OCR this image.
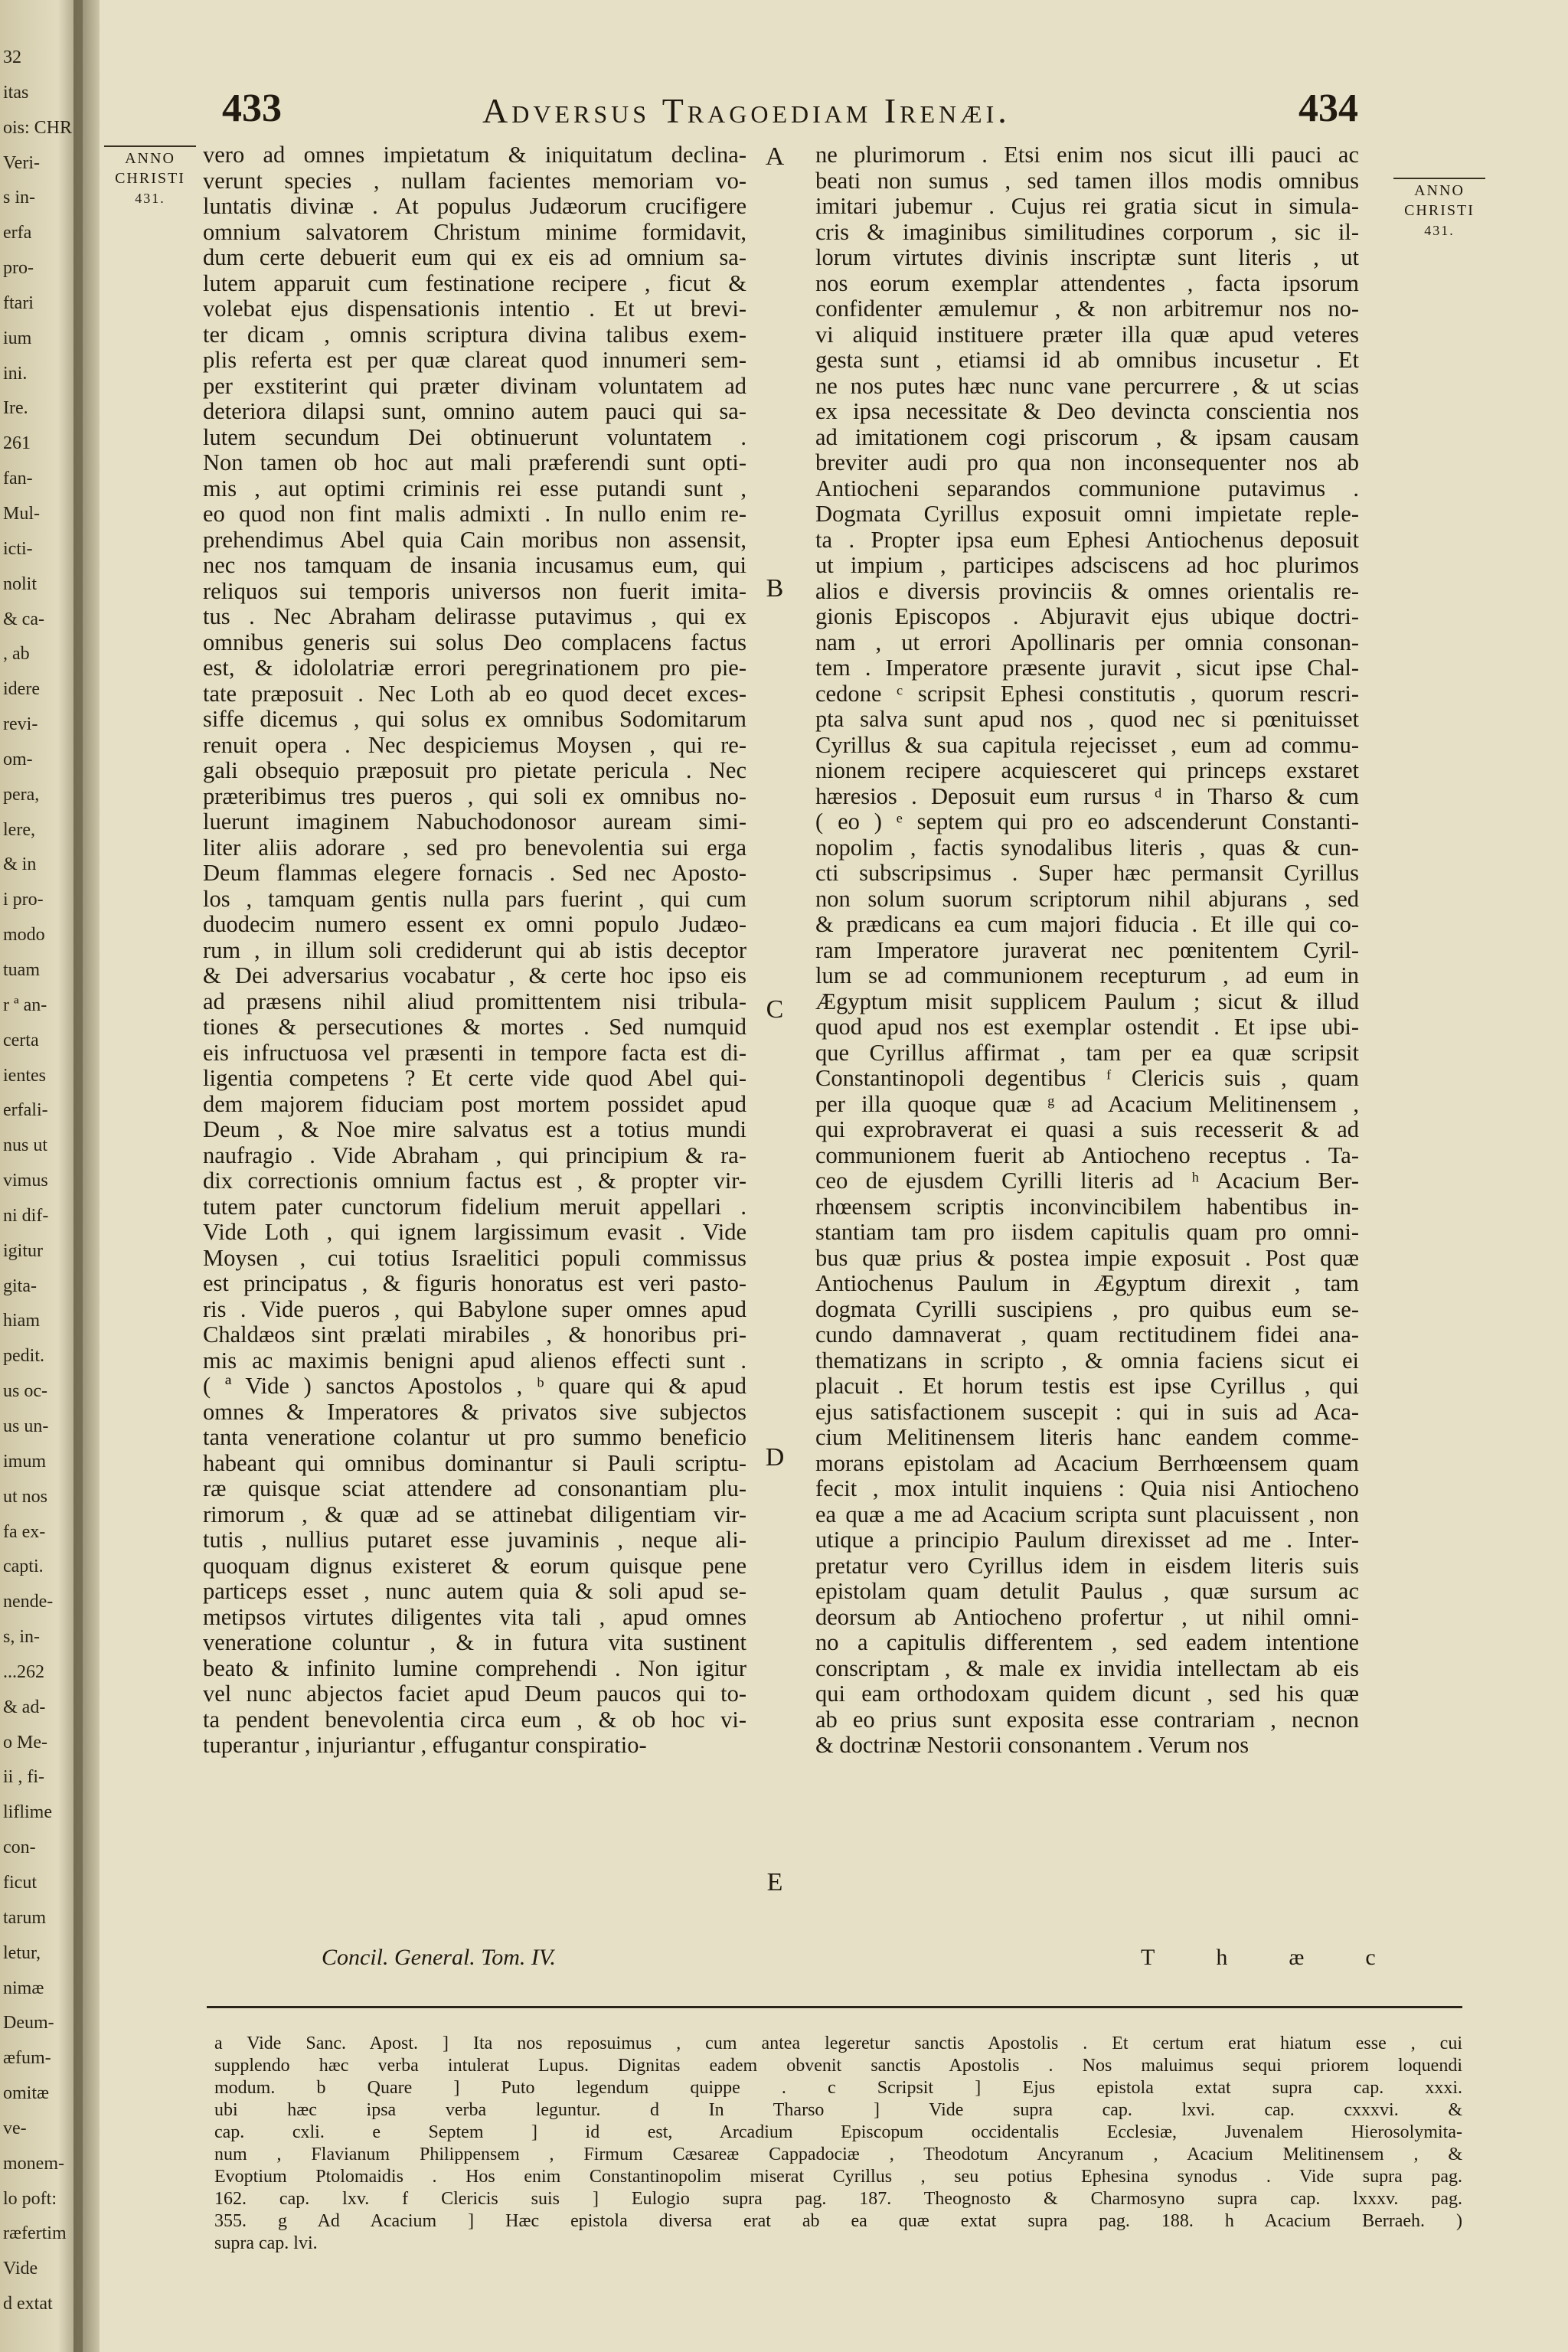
32
itas
ois: CHR
Veri-
s in-
erfa
pro-
ftari
ium
ini.
Ire.
261
fan-
Mul-
icti-
nolit
& ca-
, ab
idere
revi-
om-
pera,
lere,
& in
i pro-
modo
tuam
r ª an-
certa
ientes
erfali-
nus ut
vimus
ni dif-
igitur
gita-
hiam
pedit.
us oc-
us un-
imum
ut nos
fa ex-
capti.
nende-
s, in-
...262
& ad-
o Me-
ii , fi-
liflime
con-
ficut
tarum
letur,
nimæ
Deum-
æfum-
omitæ
ve-
monem-
lo poft:
ræfertim
Vide
d extat
433	Adversus Tragoediam Irenæi.	434
ANNO
CHRISTI
431.	ANNO
CHRISTI
431.
vero ad omnes impietatum & iniquitatum declina-
verunt species , nullam facientes memoriam vo-
luntatis divinæ . At populus Judæorum crucifigere
omnium salvatorem Christum minime formidavit,
dum certe debuerit eum qui ex eis ad omnium sa-
lutem apparuit cum festinatione recipere , ficut &
volebat ejus dispensationis intentio . Et ut brevi-
ter dicam , omnis scriptura divina talibus exem-
plis referta est per quæ clareat quod innumeri sem-
per exstiterint qui præter divinam voluntatem ad
deteriora dilapsi sunt, omnino autem pauci qui sa-
lutem secundum Dei obtinuerunt voluntatem .
Non tamen ob hoc aut mali præferendi sunt opti-
mis , aut optimi criminis rei esse putandi sunt ,
eo quod non fint malis admixti . In nullo enim re-
prehendimus Abel quia Cain moribus non assensit,
nec nos tamquam de insania incusamus eum, qui
reliquos sui temporis universos non fuerit imita-
tus . Nec Abraham delirasse putavimus , qui ex
omnibus generis sui solus Deo complacens factus
est, & idololatriæ errori peregrinationem pro pie-
tate præposuit . Nec Loth ab eo quod decet exces-
siffe dicemus , qui solus ex omnibus Sodomitarum
renuit opera . Nec despiciemus Moysen , qui re-
gali obsequio præposuit pro pietate pericula . Nec
præteribimus tres pueros , qui soli ex omnibus no-
luerunt imaginem Nabuchodonosor auream simi-
liter aliis adorare , sed pro benevolentia sui erga
Deum flammas elegere fornacis . Sed nec Aposto-
los , tamquam gentis nulla pars fuerint , qui cum
duodecim numero essent ex omni populo Judæo-
rum , in illum soli crediderunt qui ab istis deceptor
& Dei adversarius vocabatur , & certe hoc ipso eis
ad præsens nihil aliud promittentem nisi tribula-
tiones & persecutiones & mortes . Sed numquid
eis infructuosa vel præsenti in tempore facta est di-
ligentia competens ? Et certe vide quod Abel qui-
dem majorem fiduciam post mortem possidet apud
Deum , & Noe mire salvatus est a totius mundi
naufragio . Vide Abraham , qui principium & ra-
dix correctionis omnium factus est , & propter vir-
tutem pater cunctorum fidelium meruit appellari .
Vide Loth , qui ignem largissimum evasit . Vide
Moysen , cui totius Israelitici populi commissus
est principatus , & figuris honoratus est veri pasto-
ris . Vide pueros , qui Babylone super omnes apud
Chaldæos sint prælati mirabiles , & honoribus pri-
mis ac maximis benigni apud alienos effecti sunt .
( ª Vide ) sanctos Apostolos , ᵇ quare qui & apud
omnes & Imperatores & privatos sive subjectos
tanta veneratione colantur ut pro summo beneficio
habeant qui omnibus dominantur si Pauli scriptu-
ræ quisque sciat attendere ad consonantiam plu-
rimorum , & quæ ad se attinebat diligentiam vir-
tutis , nullius putaret esse juvaminis , neque ali-
quoquam dignus existeret & eorum quisque pene
particeps esset , nunc autem quia & soli apud se-
metipsos virtutes diligentes vita tali , apud omnes
veneratione coluntur , & in futura vita sustinent
beato & infinito lumine comprehendi . Non igitur
vel nunc abjectos faciet apud Deum paucos qui to-
ta pendent benevolentia circa eum , & ob hoc vi-
tuperantur , injuriantur , effugantur conspiratio-
ne plurimorum . Etsi enim nos sicut illi pauci ac
beati non sumus , sed tamen illos modis omnibus
imitari jubemur . Cujus rei gratia sicut in simula-
cris & imaginibus similitudines corporum , sic il-
lorum virtutes divinis inscriptæ sunt literis , ut
nos eorum exemplar attendentes , facta ipsorum
confidenter æmulemur , & non arbitremur nos no-
vi aliquid instituere præter illa quæ apud veteres
gesta sunt , etiamsi id ab omnibus incusetur . Et
ne nos putes hæc nunc vane percurrere , & ut scias
ex ipsa necessitate & Deo devincta conscientia nos
ad imitationem cogi priscorum , & ipsam causam
breviter audi pro qua non inconsequenter nos ab
Antiocheni separandos communione putavimus .
Dogmata Cyrillus exposuit omni impietate reple-
ta . Propter ipsa eum Ephesi Antiochenus deposuit
ut impium , participes adsciscens ad hoc plurimos
alios e diversis provinciis & omnes orientalis re-
gionis Episcopos . Abjuravit ejus ubique doctri-
nam , ut errori Apollinaris per omnia consonan-
tem . Imperatore præsente juravit , sicut ipse Chal-
cedone ᶜ scripsit Ephesi constitutis , quorum rescri-
pta salva sunt apud nos , quod nec si pœnituisset
Cyrillus & sua capitula rejecisset , eum ad commu-
nionem recipere acquiesceret qui princeps exstaret
hæresios . Deposuit eum rursus ᵈ in Tharso & cum
( eo ) ᵉ septem qui pro eo adscenderunt Constanti-
nopolim , factis synodalibus literis , quas & cun-
cti subscripsimus . Super hæc permansit Cyrillus
non solum suorum scriptorum nihil abjurans , sed
& prædicans ea cum majori fiducia . Et ille qui co-
ram Imperatore juraverat nec pœnitentem Cyril-
lum se ad communionem recepturum , ad eum in
Ægyptum misit supplicem Paulum ; sicut & illud
quod apud nos est exemplar ostendit . Et ipse ubi-
que Cyrillus affirmat , tam per ea quæ scripsit
Constantinopoli degentibus ᶠ Clericis suis , quam
per illa quoque quæ ᵍ ad Acacium Melitinensem ,
qui exprobraverat ei quasi a suis recesserit & ad
communionem fuerit ab Antiocheno receptus . Ta-
ceo de ejusdem Cyrilli literis ad ʰ Acacium Ber-
rhœensem scriptis inconvincibilem habentibus in-
stantiam tam pro iisdem capitulis quam pro omni-
bus quæ prius & postea impie exposuit . Post quæ
Antiochenus Paulum in Ægyptum direxit , tam
dogmata Cyrilli suscipiens , pro quibus eum se-
cundo damnaverat , quam rectitudinem fidei ana-
thematizans in scripto , & omnia faciens sicut ei
placuit . Et horum testis est ipse Cyrillus , qui
ejus satisfactionem suscepit : qui in suis ad Aca-
cium Melitinensem literis hanc eandem comme-
morans epistolam ad Acacium Berrhœensem quam
fecit , mox intulit inquiens : Quia nisi Antiocheno
ea quæ a me ad Acacium scripta sunt placuissent , non
utique a principio Paulum direxisset ad me . Inter-
pretatur vero Cyrillus idem in eisdem literis suis
epistolam quam detulit Paulus , quæ sursum ac
deorsum ab Antiocheno profertur , ut nihil omni-
no a capitulis differentem , sed eadem intentione
conscriptam , & male ex invidia intellectam ab eis
qui eam orthodoxam quidem dicunt , sed his quæ
ab eo prius sunt exposita esse contrariam , necnon
& doctrinæ Nestorii consonantem . Verum nos
A
B
C
D
E
Concil. General. Tom. IV.	Thæc
a Vide Sanc. Apost. ] Ita nos reposuimus , cum antea legeretur sanctis Apostolis . Et certum erat hiatum esse , cui
supplendo hæc verba intulerat Lupus. Dignitas eadem obvenit sanctis Apostolis . Nos maluimus sequi priorem loquendi
modum. b Quare ] Puto legendum quippe . c Scripsit ] Ejus epistola extat supra cap. xxxi.
ubi hæc ipsa verba leguntur. d In Tharso ] Vide supra cap. lxvi. cap. cxxxvi. &
cap. cxli. e Septem ] id est, Arcadium Episcopum occidentalis Ecclesiæ, Juvenalem Hierosolymita-
num , Flavianum Philippensem , Firmum Cæsareæ Cappadociæ , Theodotum Ancyranum , Acacium Melitinensem , &
Evoptium Ptolomaidis . Hos enim Constantinopolim miserat Cyrillus , seu potius Ephesina synodus . Vide supra pag.
162. cap. lxv. f Clericis suis ] Eulogio supra pag. 187. Theognosto & Charmosyno supra cap. lxxxv. pag.
355. g Ad Acacium ] Hæc epistola diversa erat ab ea quæ extat supra pag. 188. h Acacium Berraeh. )
supra cap. lvi.
